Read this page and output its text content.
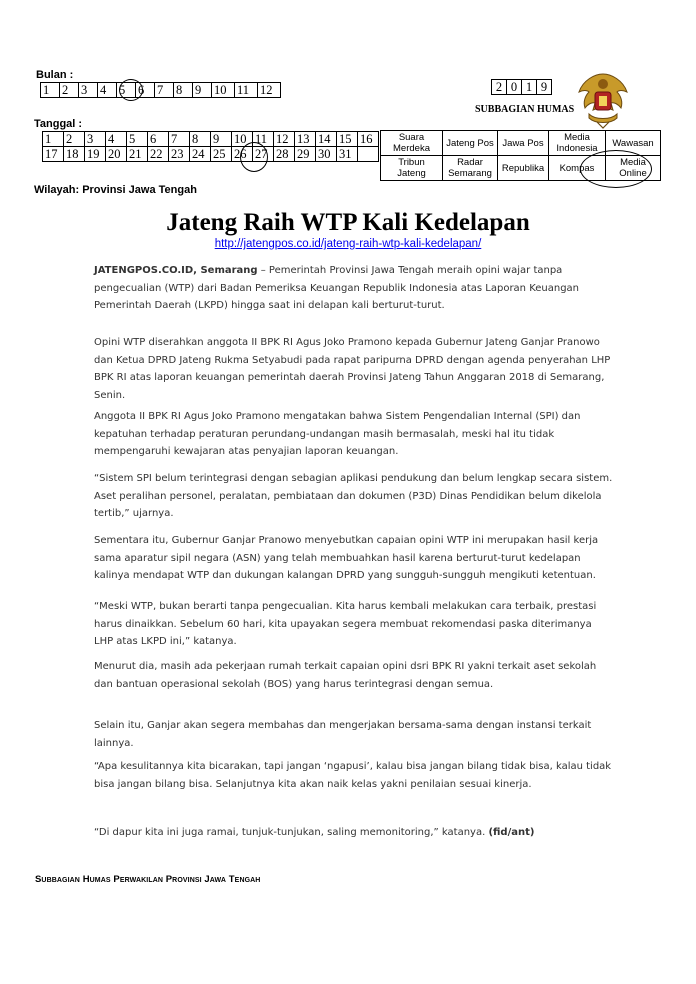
Bulan :
1	2	3	4	5	6	7	8	9	10	11	12
Tanggal :
1	2	3	4	5	6	7	8	9	10	11	12	13	14	15	16
17	18	19	20	21	22	23	24	25	26	27	28	29	30	31	
Wilayah: Provinsi Jawa Tengah
2	0	1	9
SUBBAGIAN HUMAS
Suara Merdeka	Jateng Pos	Jawa Pos	Media Indonesia	Wawasan
Tribun Jateng	Radar Semarang	Republika	Kompas	Media Online
Jateng Raih WTP Kali Kedelapan
http://jatengpos.co.id/jateng-raih-wtp-kali-kedelapan/

JATENGPOS.CO.ID, Semarang – Pemerintah Provinsi Jawa Tengah meraih opini wajar tanpa pengecualian (WTP) dari Badan Pemeriksa Keuangan Republik Indonesia atas Laporan Keuangan Pemerintah Daerah (LKPD) hingga saat ini delapan kali berturut-turut.

Opini WTP diserahkan anggota II BPK RI Agus Joko Pramono kepada Gubernur Jateng Ganjar Pranowo dan Ketua DPRD Jateng Rukma Setyabudi pada rapat paripurna DPRD dengan agenda penyerahan LHP BPK RI atas laporan keuangan pemerintah daerah Provinsi Jateng Tahun Anggaran 2018 di Semarang, Senin.

Anggota II BPK RI Agus Joko Pramono mengatakan bahwa Sistem Pengendalian Internal (SPI) dan kepatuhan terhadap peraturan perundang-undangan masih bermasalah, meski hal itu tidak mempengaruhi kewajaran atas penyajian laporan keuangan.

“Sistem SPI belum terintegrasi dengan sebagian aplikasi pendukung dan belum lengkap secara sistem. Aset peralihan personel, peralatan, pembiataan dan dokumen (P3D) Dinas Pendidikan belum dikelola tertib,” ujarnya.

Sementara itu, Gubernur Ganjar Pranowo menyebutkan capaian opini WTP ini merupakan hasil kerja sama aparatur sipil negara (ASN) yang telah membuahkan hasil karena berturut-turut kedelapan kalinya mendapat WTP dan dukungan kalangan DPRD yang sungguh-sungguh mengikuti ketentuan.

“Meski WTP, bukan berarti tanpa pengecualian. Kita harus kembali melakukan cara terbaik, prestasi harus dinaikkan. Sebelum 60 hari, kita upayakan segera membuat rekomendasi paska diterimanya LHP atas LKPD ini,” katanya.

Menurut dia, masih ada pekerjaan rumah terkait capaian opini dsri BPK RI yakni terkait aset sekolah dan bantuan operasional sekolah (BOS) yang harus terintegrasi dengan semua.

Selain itu, Ganjar akan segera membahas dan mengerjakan bersama-sama dengan instansi terkait lainnya.

“Apa kesulitannya kita bicarakan, tapi jangan ‘ngapusi’, kalau bisa jangan bilang tidak bisa, kalau tidak bisa jangan bilang bisa. Selanjutnya kita akan naik kelas yakni penilaian sesuai kinerja.

“Di dapur kita ini juga ramai, tunjuk-tunjukan, saling memonitoring,” katanya. (fid/ant)

Subbagian Humas Perwakilan Provinsi Jawa Tengah
